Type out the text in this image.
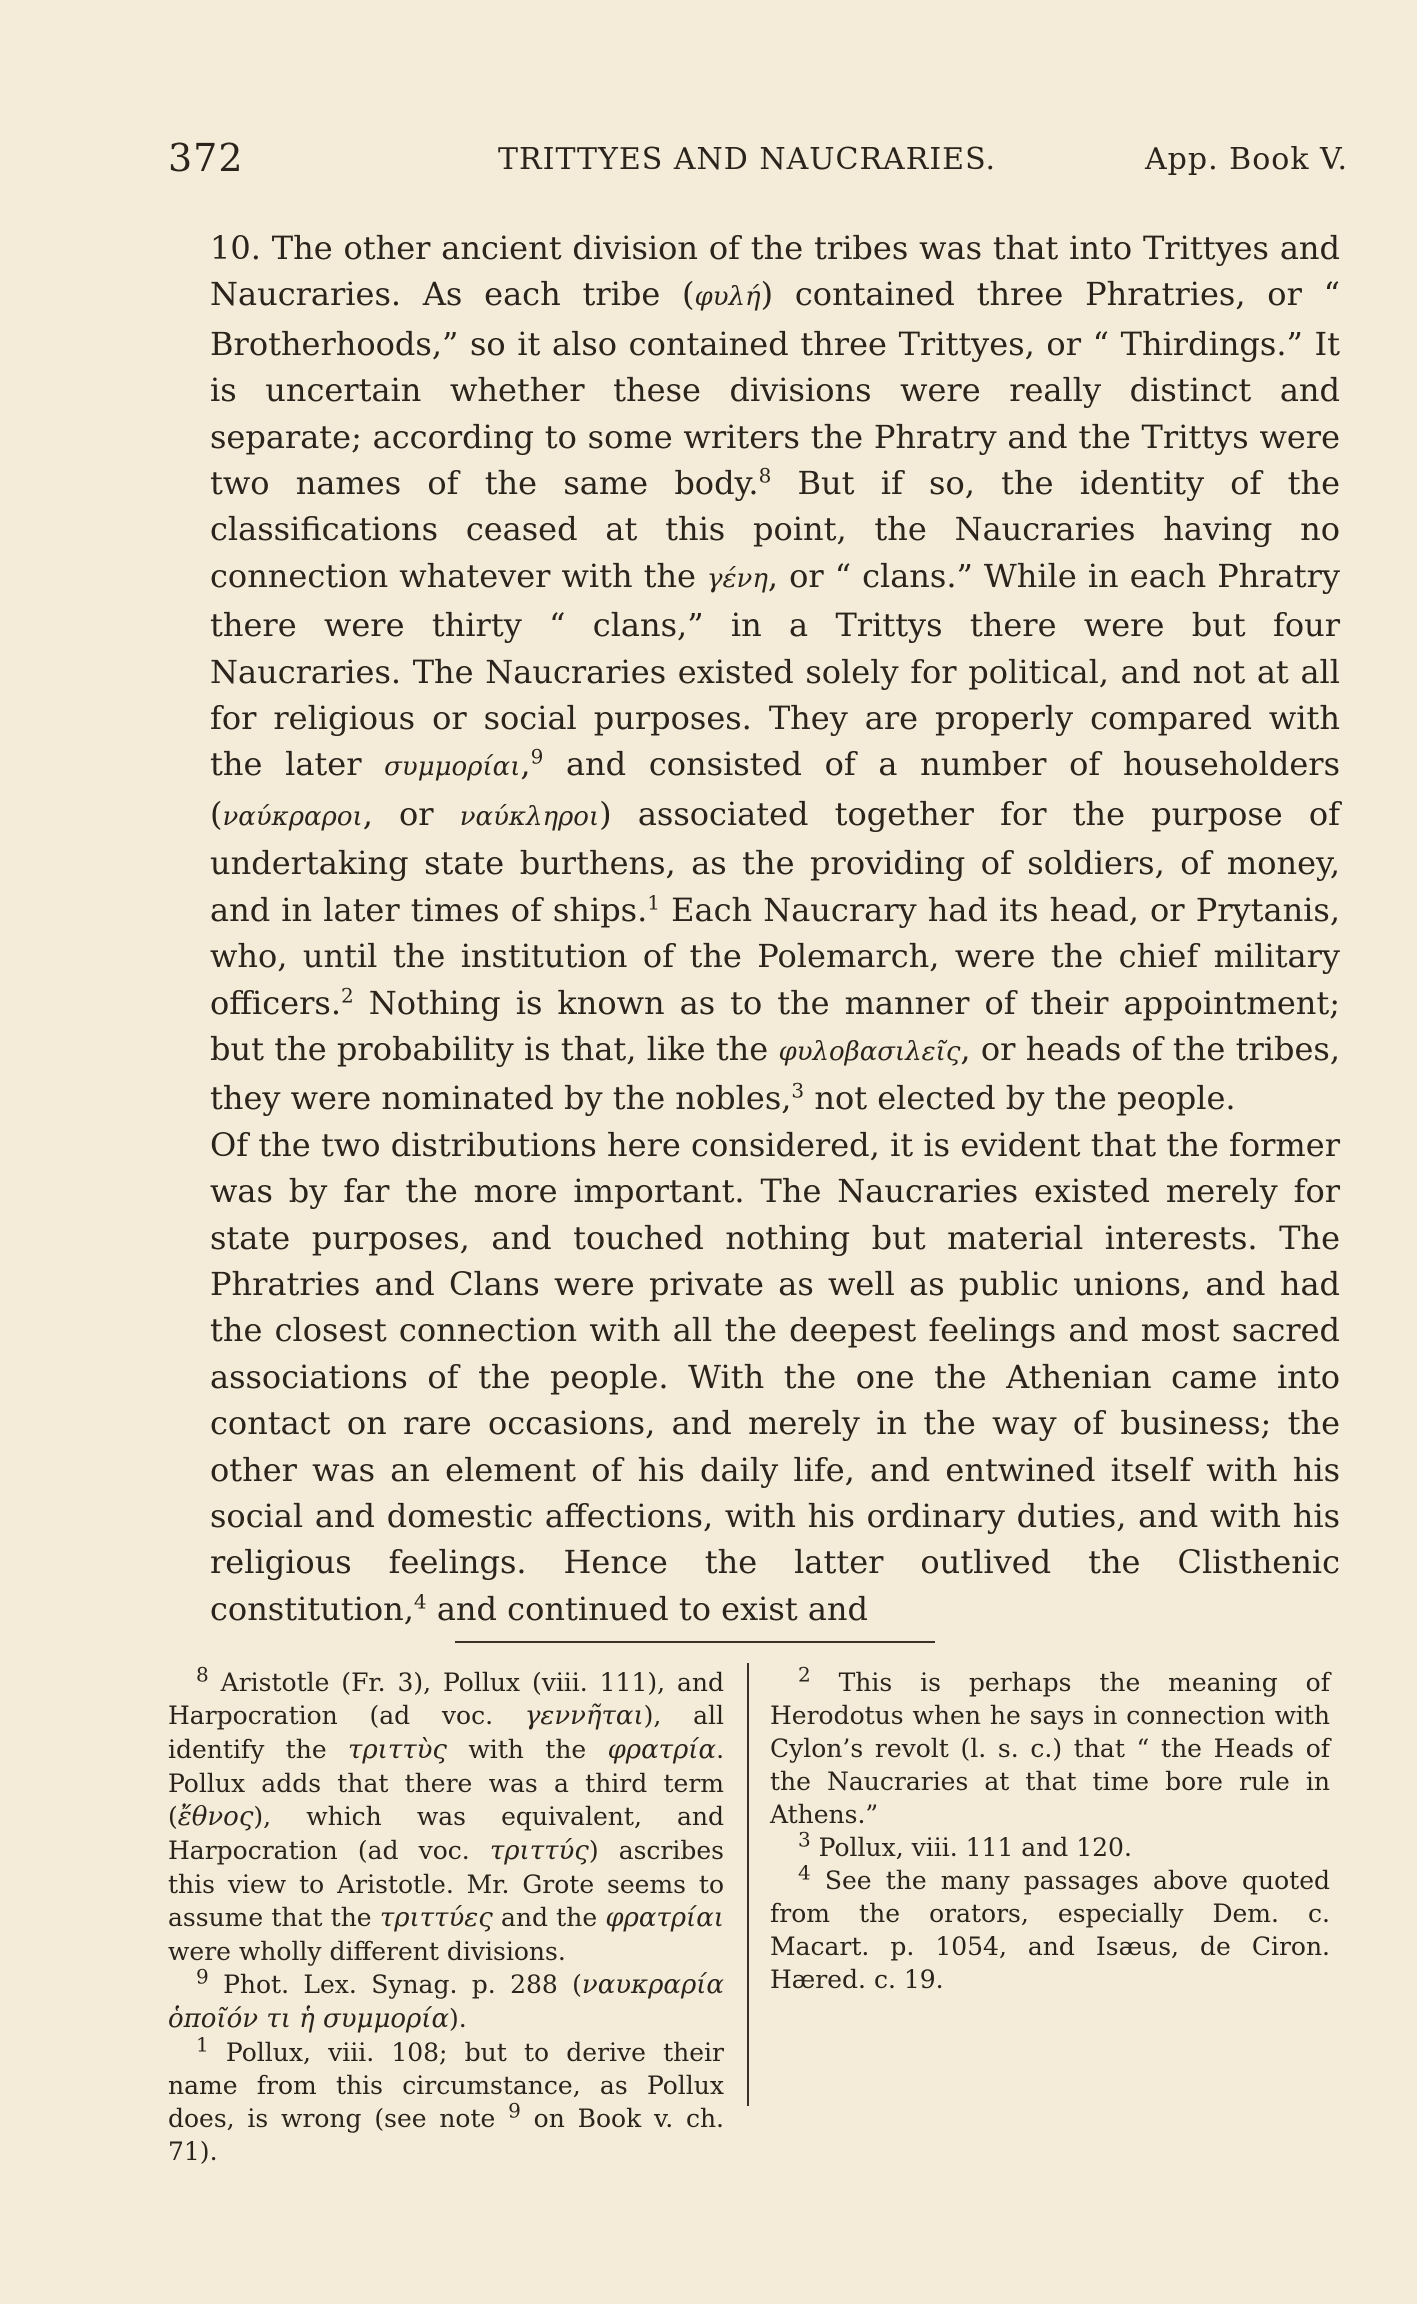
372	TRITTYES AND NAUCRARIES.	App. Book V.

10. The other ancient division of the tribes was that into Trittyes and Naucraries. As each tribe (φυλή) contained three Phratries, or “ Brotherhoods,” so it also contained three Trittyes, or “ Thirdings.” It is uncertain whether these divisions were really distinct and separate; according to some writers the Phratry and the Trittys were two names of the same body.$^8$ But if so, the identity of the classifications ceased at this point, the Naucraries having no connection whatever with the γένη, or “ clans.” While in each Phratry there were thirty “ clans,” in a Trittys there were but four Naucraries. The Naucraries existed solely for political, and not at all for religious or social purposes. They are properly compared with the later συμμορίαι,$^9$ and consisted of a number of householders (ναύκραροι, or ναύκληροι) associated together for the purpose of undertaking state burthens, as the providing of soldiers, of money, and in later times of ships.$^1$ Each Naucrary had its head, or Prytanis, who, until the institution of the Polemarch, were the chief military officers.$^2$ Nothing is known as to the manner of their appointment; but the probability is that, like the φυλοβασιλεῖς, or heads of the tribes, they were nominated by the nobles,$^3$ not elected by the people.

Of the two distributions here considered, it is evident that the former was by far the more important. The Naucraries existed merely for state purposes, and touched nothing but material interests. The Phratries and Clans were private as well as public unions, and had the closest connection with all the deepest feelings and most sacred associations of the people. With the one the Athenian came into contact on rare occasions, and merely in the way of business; the other was an element of his daily life, and entwined itself with his social and domestic affections, with his ordinary duties, and with his religious feelings. Hence the latter outlived the Clisthenic constitution,$^4$ and continued to exist and

$^8$ Aristotle (Fr. 3), Pollux (viii. 111), and Harpocration (ad voc. γεννῆται), all identify the τριττὺς with the φρατρία. Pollux adds that there was a third term (ἔθνος), which was equivalent, and Harpocration (ad voc. τριττύς) ascribes this view to Aristotle. Mr. Grote seems to assume that the τριττύες and the φρατρίαι were wholly different divisions.

$^9$ Phot. Lex. Synag. p. 288 (ναυκραρία ὁποῖόν τι ἡ συμμορία).

$^1$ Pollux, viii. 108; but to derive their name from this circumstance, as Pollux does, is wrong (see note $^9$ on Book v. ch. 71).

$^2$ This is perhaps the meaning of Herodotus when he says in connection with Cylon’s revolt (l. s. c.) that “ the Heads of the Naucraries at that time bore rule in Athens.”

$^3$ Pollux, viii. 111 and 120.

$^4$ See the many passages above quoted from the orators, especially Dem. c. Macart. p. 1054, and Isæus, de Ciron. Hæred. c. 19.
